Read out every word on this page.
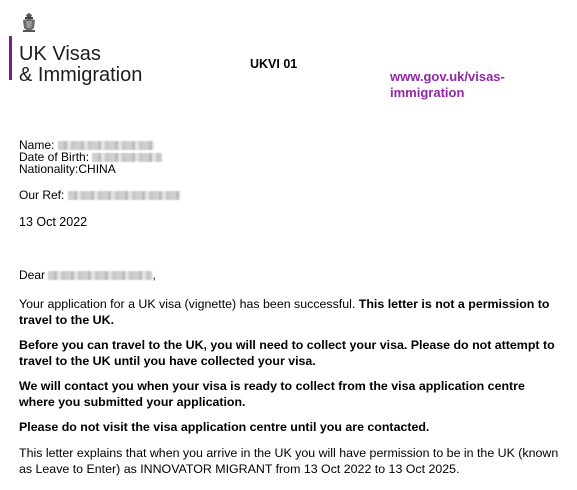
UK Visas
& Immigration	UKVI 01
www.gov.uk/visas-
immigration
Name:
Date of Birth:
Nationality:CHINA
Our Ref:
13 Oct 2022
Dear	,
Your application for a UK visa (vignette) has been successful. This letter is not a permission to travel to the UK.
Before you can travel to the UK, you will need to collect your visa. Please do not attempt to travel to the UK until you have collected your visa.
We will contact you when your visa is ready to collect from the visa application centre where you submitted your application.
Please do not visit the visa application centre until you are contacted.
This letter explains that when you arrive in the UK you will have permission to be in the UK (known as Leave to Enter) as INNOVATOR MIGRANT from 13 Oct 2022 to 13 Oct 2025.
